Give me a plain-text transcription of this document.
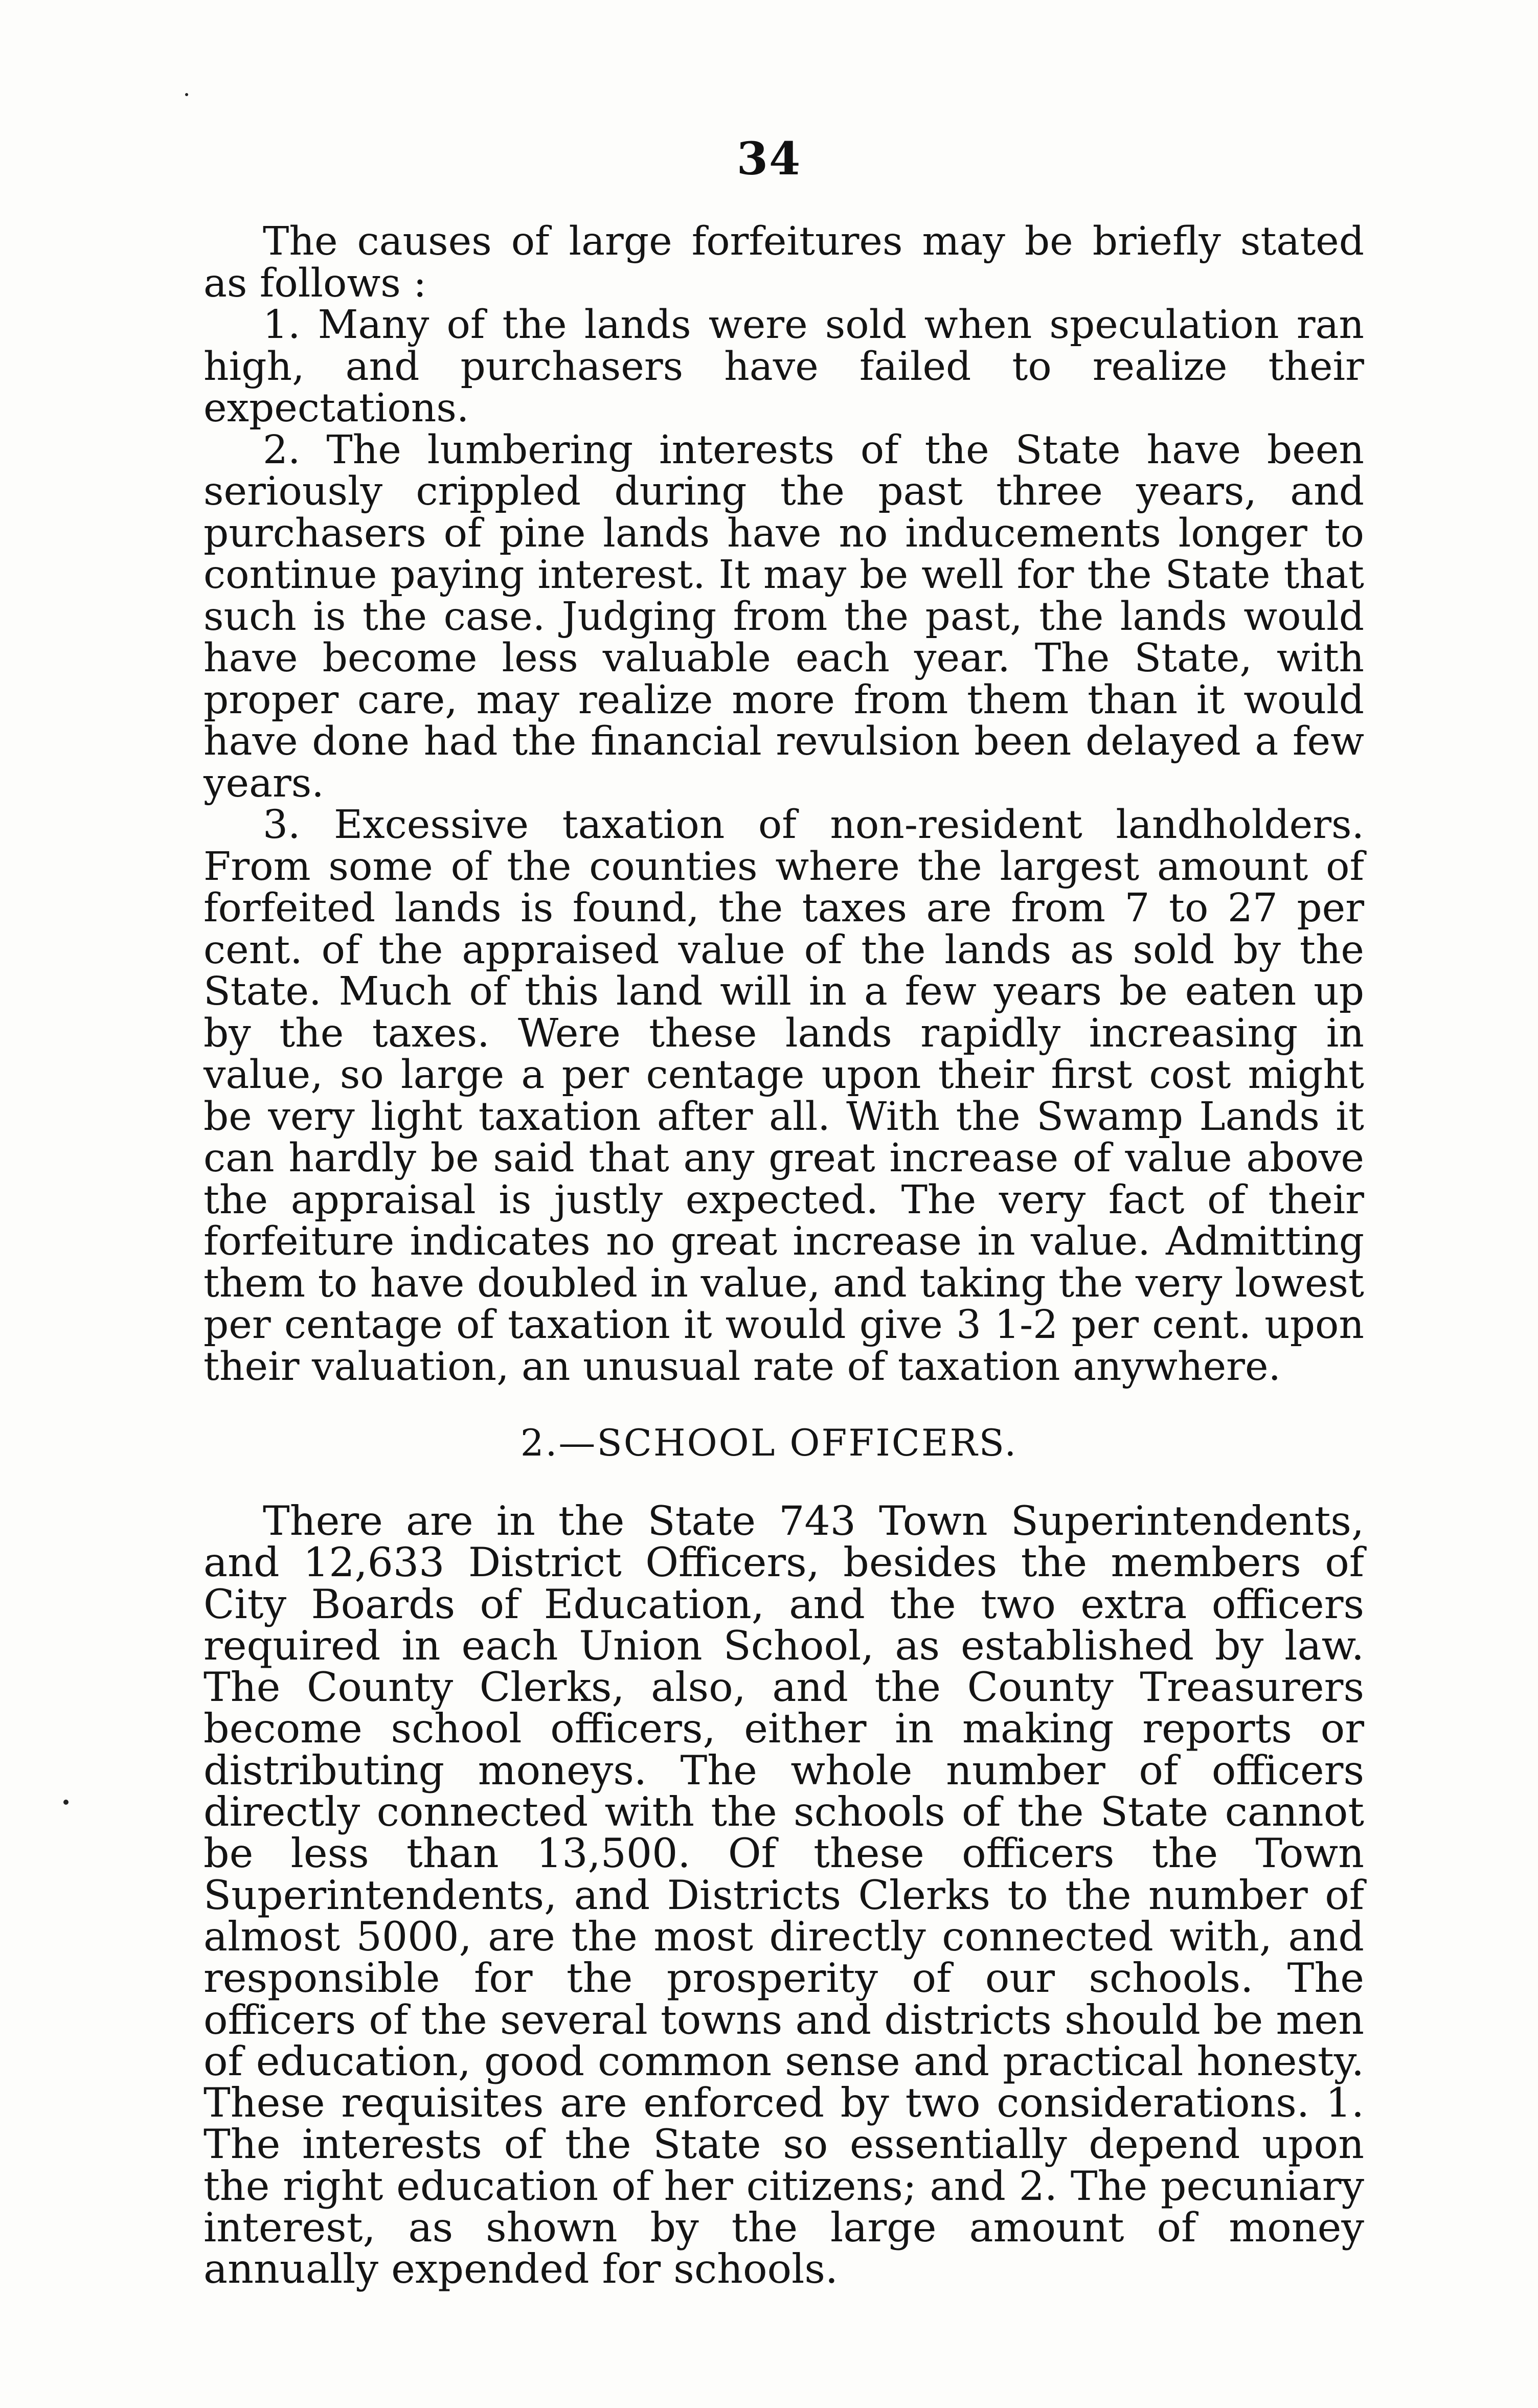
34

The causes of large forfeitures may be briefly stated as follows :

1. Many of the lands were sold when speculation ran high, and purchasers have failed to realize their expectations.

2. The lumbering interests of the State have been seriously crippled during the past three years, and purchasers of pine lands have no inducements longer to continue paying interest. It may be well for the State that such is the case. Judging from the past, the lands would have become less valuable each year. The State, with proper care, may realize more from them than it would have done had the financial revulsion been delayed a few years.

3. Excessive taxation of non-resident landholders. From some of the counties where the largest amount of forfeited lands is found, the taxes are from 7 to 27 per cent. of the appraised value of the lands as sold by the State. Much of this land will in a few years be eaten up by the taxes. Were these lands rapidly increasing in value, so large a per centage upon their first cost might be very light taxation after all. With the Swamp Lands it can hardly be said that any great increase of value above the appraisal is justly expected. The very fact of their forfeiture indicates no great increase in value. Admitting them to have doubled in value, and taking the very lowest per centage of taxation it would give 3 1-2 per cent. upon their valuation, an unusual rate of taxation anywhere.

2.—SCHOOL OFFICERS.

There are in the State 743 Town Superintendents, and 12,633 District Officers, besides the members of City Boards of Education, and the two extra officers required in each Union School, as established by law. The County Clerks, also, and the County Treasurers become school officers, either in making reports or distributing moneys. The whole number of officers directly connected with the schools of the State cannot be less than 13,500. Of these officers the Town Superintendents, and Districts Clerks to the number of almost 5000, are the most directly connected with, and responsible for the prosperity of our schools. The officers of the several towns and districts should be men of education, good common sense and practical honesty. These requisites are enforced by two considerations. 1. The interests of the State so essentially depend upon the right education of her citizens; and 2. The pecuniary interest, as shown by the large amount of money annually expended for schools.
